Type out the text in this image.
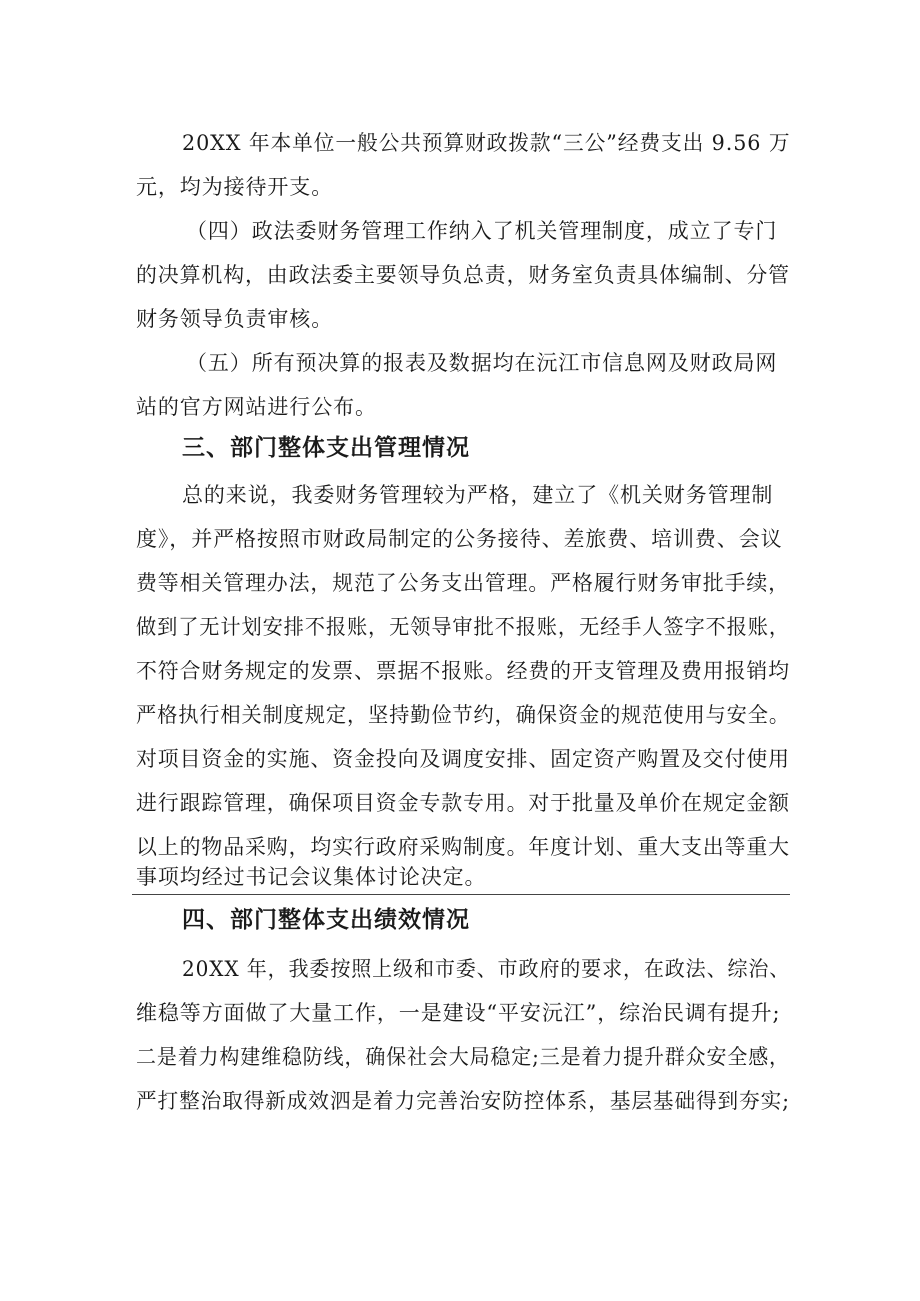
20XX 年本单位一般公共预算财政拨款“三公”经费支出 9.56 万
元，均为接待开支。
（四）政法委财务管理工作纳入了机关管理制度，成立了专门
的决算机构，由政法委主要领导负总责，财务室负责具体编制、分管
财务领导负责审核。
（五）所有预决算的报表及数据均在沅江市信息网及财政局网
站的官方网站进行公布。
三、部门整体支出管理情况
总的来说，我委财务管理较为严格，建立了《机关财务管理制
度》，并严格按照市财政局制定的公务接待、差旅费、培训费、会议
费等相关管理办法，规范了公务支出管理。严格履行财务审批手续，
做到了无计划安排不报账，无领导审批不报账，无经手人签字不报账，
不符合财务规定的发票、票据不报账。经费的开支管理及费用报销均
严格执行相关制度规定，坚持勤俭节约，确保资金的规范使用与安全。
对项目资金的实施、资金投向及调度安排、固定资产购置及交付使用
进行跟踪管理，确保项目资金专款专用。对于批量及单价在规定金额
以上的物品采购，均实行政府采购制度。年度计划、重大支出等重大
事项均经过书记会议集体讨论决定。
四、部门整体支出绩效情况
20XX 年，我委按照上级和市委、市政府的要求，在政法、综治、
维稳等方面做了大量工作，一是建设“平安沅江”，综治民调有提升;
二是着力构建维稳防线，确保社会大局稳定;三是着力提升群众安全感，
严打整治取得新成效泗是着力完善治安防控体系，基层基础得到夯实;
